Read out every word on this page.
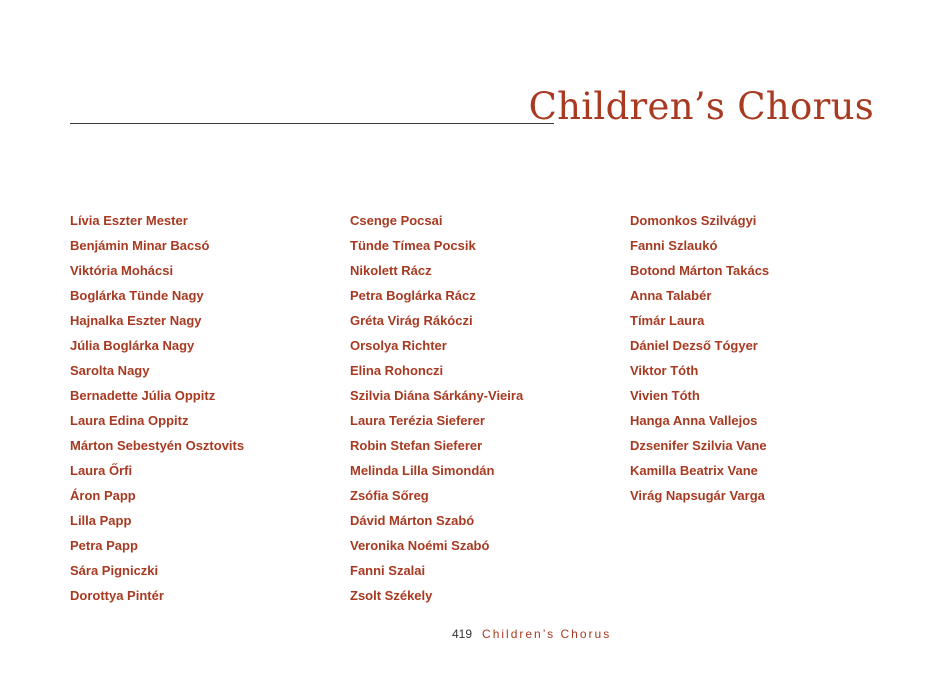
Children’s Chorus
Lívia Eszter Mester
Benjámin Minar Bacsó
Viktória Mohácsi
Boglárka Tünde Nagy
Hajnalka Eszter Nagy
Júlia Boglárka Nagy
Sarolta Nagy
Bernadette Júlia Oppitz
Laura Edina Oppitz
Márton Sebestyén Osztovits
Laura Őrfi
Áron Papp
Lilla Papp
Petra Papp
Sára Pigniczki
Dorottya Pintér
Csenge Pocsai
Tünde Tímea Pocsik
Nikolett Rácz
Petra Boglárka Rácz
Gréta Virág Rákóczi
Orsolya Richter
Elina Rohonczi
Szilvia Diána Sárkány-Vieira
Laura Terézia Sieferer
Robin Stefan Sieferer
Melinda Lilla Simondán
Zsófia Sőreg
Dávid Márton Szabó
Veronika Noémi Szabó
Fanni Szalai
Zsolt Székely
Domonkos Szilvágyi
Fanni Szlaukó
Botond Márton Takács
Anna Talabér
Tímár Laura
Dániel Dezső Tógyer
Viktor Tóth
Vivien Tóth
Hanga Anna Vallejos
Dzsenifer Szilvia Vane
Kamilla Beatrix Vane
Virág Napsugár Varga
419 Children’s Chorus
